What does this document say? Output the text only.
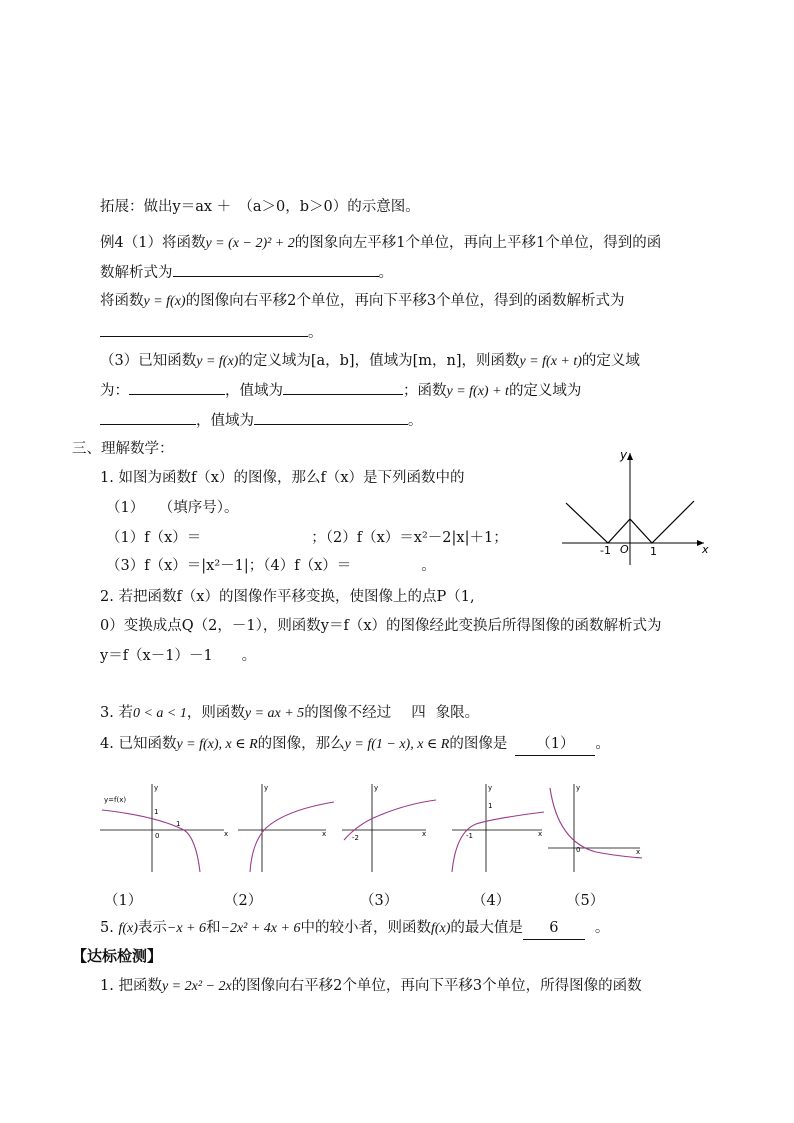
拓展：做出y＝ax ＋　（a＞0，b＞0）的示意图。
例4（1）将函数y = (x − 2)² + 2的图象向左平移1个单位，再向上平移1个单位，得到的函
数解析式为	。
将函数y = f(x)的图像向右平移2个单位，再向下平移3个单位，得到的函数解析式为
。
（3）已知函数y = f(x)的定义域为[a，b]，值域为[m，n]，则函数y = f(x + t)的定义域
为：	，值域为	；函数y = f(x) + t的定义域为
，值域为	。
三、理解数学：
1. 如图为函数f（x）的图像，那么f（x）是下列函数中的
（1）　　（填序号）。
（1）f（x）＝	；（2）f（x）＝x²－2|x|＋1；
（3）f（x）＝|x²－1|；（4）f（x）＝	。
y
x
O
-1	1
2. 若把函数f（x）的图像作平移变换，使图像上的点P（1,
0）变换成点Q（2，－1），则函数y＝f（x）的图像经此变换后所得图像的函数解析式为
y＝f（x－1）－1　　。
3. 若0 < a < 1，则函数y = ax + 5的图像不经过 四 象限。
4. 已知函数y = f(x), x ∈ R的图像，那么y = f(1 − x), x ∈ R的图像是 （1） 。
y
y=f(x)
1
1
0	x
y
x
y
-2	x
y
1
-1	x
y
0	x
（1）	（2）	（3）	（4）	（5）
5. f(x)表示−x + 6和−2x² + 4x + 6中的较小者，则函数f(x)的最大值是 6	。
【达标检测】
1. 把函数y = 2x² − 2x的图像向右平移2个单位，再向下平移3个单位，所得图像的函数
